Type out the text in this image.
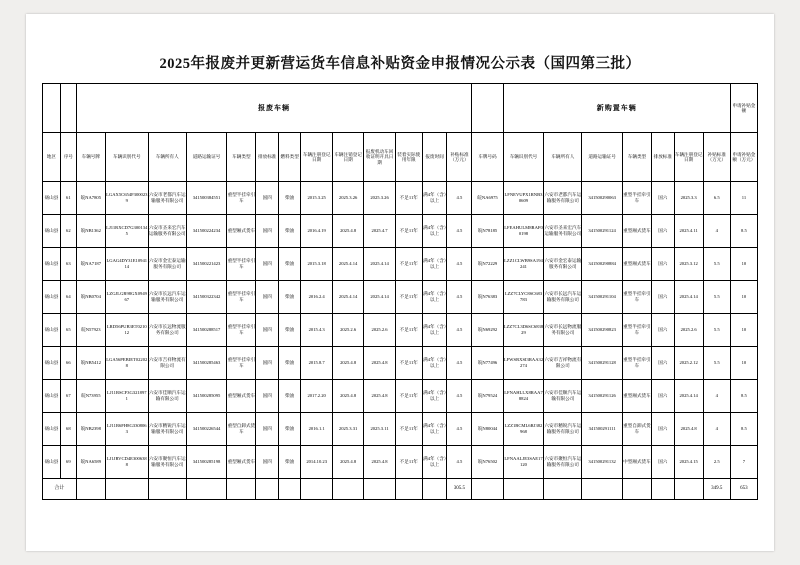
2025年报废并更新营运货车信息补贴资金申报情况公示表（国四第三批）
		报废车辆														新购置车辆							申请补贴金额

地区	序号	车辆号牌	车辆识别代号	车辆所有人	道路运输证号	车辆类型	排放标准	燃料类型	车辆注册登记日期	车辆注销登记日期	报废机动车回收证明开具日期	装着实际使用年限	报废时间	补贴标准（万元）	车牌号码	车辆识别代号	车辆所有人	道路运输证号	车辆类型	排放标准	车辆注册登记日期	补贴标准（万元）	申请补贴金额（万元）
砀山县	61	皖NA7805	LGAX5C654F3000239	六安市老都汽车运输服务有限公司	341500384551	重型半挂牵引车	国四	柴油	2015.3.25	2025.3.26	2025.3.26	不足11年	满4年（含）以上	4.5	皖NA6975	LFNEVUPX1RNB30609	六安市老都汽车运输服务有限公司	341500290063	重型半挂牵引车	国六	2025.3.3	6.5	11
砀山县	62	皖NB1362	LJ11RXCD7G3001345	六安市圣来宏汽车运输服务有限公司	341500224234	重型厢式货车	国四	柴油	2016.4.19	2025.4.8	2025.4.7	不足11年	满4年（含）以上	4.5	皖N78185	LFEAHULM8RAF00198	六安市圣来宏汽车运输服务有限公司	341500291124	重型厢式货车	国六	2025.4.11	4	8.5
砀山县	63	皖NA7187	LGAG4DY31E1094114	六安市金宏泰运输服务有限公司	341500221423	重型半挂牵引车	国四	柴油	2015.3.18	2025.4.14	2025.4.14	不足11年	满4年（含）以上	4.5	皖N72229	LZZ1CLWB9SA194241	六安市金宏泰运输服务有限公司	341500290884	重型厢式货车	国六	2025.3.12	5.5	10
砀山县	64	皖NB0704	LZGJLGR98GX094967	六安市长远汽车运输服务有限公司	341500322342	重型半挂牵引车	国四	柴油	2016.2.4	2025.4.14	2025.4.14	不足11年	满4年（含）以上	4.5	皖N76383	LZZ7CLYC8SC683783	六安市长远汽车运输服务有限公司	341500291104	重型半挂牵引车	国六	2025.4.14	5.5	10
砀山县	65	皖N57923	LRD56PUB3ET021012	六安市长远物流服务有限公司	341500288517	重型半挂牵引车	国四	柴油	2015.4.3	2025.2.6	2025.2.6	不足11年	满4年（含）以上	4.5	皖N69292	LZZ7CL3D6SC683829	六安市长远物流服务有限公司	341500290823	重型半挂牵引车	国六	2025.2.6	5.5	10
砀山县	66	皖NB5412	LGA56PEBIET022028	六安市吉祥物流有限公司	341500285463	重型半挂牵引车	国四	柴油	2015.8.7	2025.4.8	2025.4.8	不足11年	满4年（含）以上	4.5	皖N77496	LFWSRXSI3RAA32274	六安市吉祥物流有限公司	341500291128	重型半挂牵引车	国六	2025.2.12	5.5	10
砀山县	67	皖N73955	LJ11RSCF3G3218971	六安市佳顺汽车运输有限公司	341500285095	重型厢式货车	国四	柴油	2017.2.20	2025.4.8	2025.4.8	不足11年	满4年（含）以上	4.5	皖N79524	LFNAHLLX8RAA78824	六安市佳顺汽车运输有限公司	341500291126	重型厢式货车	国六	2025.4.14	4	8.5
砀山县	68	皖NB2398	LJ11R6FH8G3308063	六安市精锐汽车运输服务有限公司	341500226544	重型自卸式货车	国四	柴油	2016.1.1	2025.3.31	2025.3.11	不足11年	满4年（含）以上	4.5	皖N80044	LZZ1BCML6RJ382968	六安市精锐汽车运输服务有限公司	341500291111	重型自卸式货车	国六	2025.4.8	4	8.5
砀山县	69	皖NA6589	LJ1JRVCD4E3006388	六安市聚恒汽车运输服务有限公司	341500285198	重型厢式货车	国四	柴油	2014.10.23	2025.4.8	2025.4.8	不足11年	满4年（含）以上	4.5	皖N76502	LFNAALJE3SAE17120	六安市聚恒汽车运输服务有限公司	341500291132	中型厢式货车	国六	2025.4.15	2.5	7
合计														305.5								349.5	653
